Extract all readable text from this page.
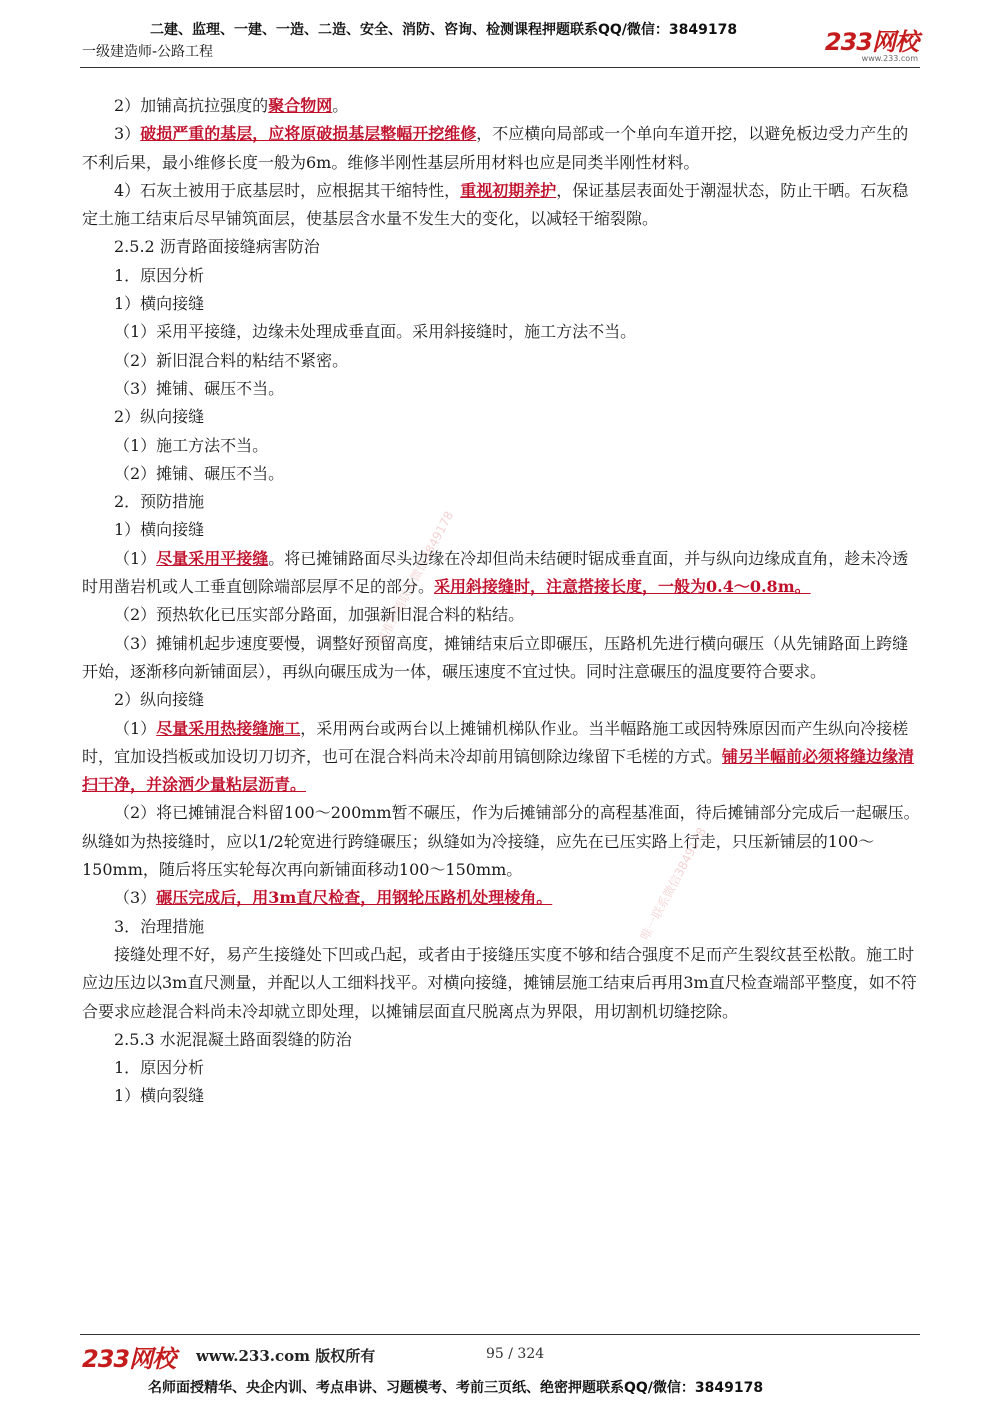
二建、监理、一建、一造、二造、安全、消防、咨询、检测课程押题联系QQ/微信：3849178
一级建造师-公路工程	233网校
www.233.com

2）加铺高抗拉强度的聚合物网。

3）破损严重的基层，应将原破损基层整幅开挖维修，不应横向局部或一个单向车道开挖，以避免板边受力产生的不利后果，最小维修长度一般为6m。维修半刚性基层所用材料也应是同类半刚性材料。

4）石灰土被用于底基层时，应根据其干缩特性，重视初期养护，保证基层表面处于潮湿状态，防止干晒。石灰稳定土施工结束后尽早铺筑面层，使基层含水量不发生大的变化，以减轻干缩裂隙。

2.5.2 沥青路面接缝病害防治

1．原因分析

1）横向接缝

（1）采用平接缝，边缘未处理成垂直面。采用斜接缝时，施工方法不当。

（2）新旧混合料的粘结不紧密。

（3）摊铺、碾压不当。

2）纵向接缝

（1）施工方法不当。

（2）摊铺、碾压不当。

2．预防措施

1）横向接缝

（1）尽量采用平接缝。将已摊铺路面尽头边缘在冷却但尚未结硬时锯成垂直面，并与纵向边缘成直角，趁未冷透时用凿岩机或人工垂直刨除端部层厚不足的部分。采用斜接缝时，注意搭接长度，一般为0.4～0.8m。

（2）预热软化已压实部分路面，加强新旧混合料的粘结。

（3）摊铺机起步速度要慢，调整好预留高度，摊铺结束后立即碾压，压路机先进行横向碾压（从先铺路面上跨缝开始，逐渐移向新铺面层），再纵向碾压成为一体，碾压速度不宜过快。同时注意碾压的温度要符合要求。

2）纵向接缝

（1）尽量采用热接缝施工，采用两台或两台以上摊铺机梯队作业。当半幅路施工或因特殊原因而产生纵向冷接槎时，宜加设挡板或加设切刀切齐，也可在混合料尚未冷却前用镐刨除边缘留下毛槎的方式。铺另半幅前必须将缝边缘清扫干净，并涂洒少量粘层沥青。

（2）将已摊铺混合料留100～200mm暂不碾压，作为后摊铺部分的高程基准面，待后摊铺部分完成后一起碾压。纵缝如为热接缝时，应以1/2轮宽进行跨缝碾压；纵缝如为冷接缝，应先在已压实路上行走，只压新铺层的100～150mm，随后将压实轮每次再向新铺面移动100～150mm。

（3）碾压完成后，用3m直尺检查，用钢轮压路机处理棱角。

3．治理措施

接缝处理不好，易产生接缝处下凹或凸起，或者由于接缝压实度不够和结合强度不足而产生裂纹甚至松散。施工时应边压边以3m直尺测量，并配以人工细料找平。对横向接缝，摊铺层施工结束后再用3m直尺检查端部平整度，如不符合要求应趁混合料尚未冷却就立即处理，以摊铺层面直尺脱离点为界限，用切割机切缝挖除。

2.5.3 水泥混凝土路面裂缝的防治

1．原因分析

1）横向裂缝

精准押题联系微信3849178
唯一联系微信3849178
233网校 www.233.com 版权所有	95 / 324
名师面授精华、央企内训、考点串讲、习题模考、考前三页纸、绝密押题联系QQ/微信：3849178
